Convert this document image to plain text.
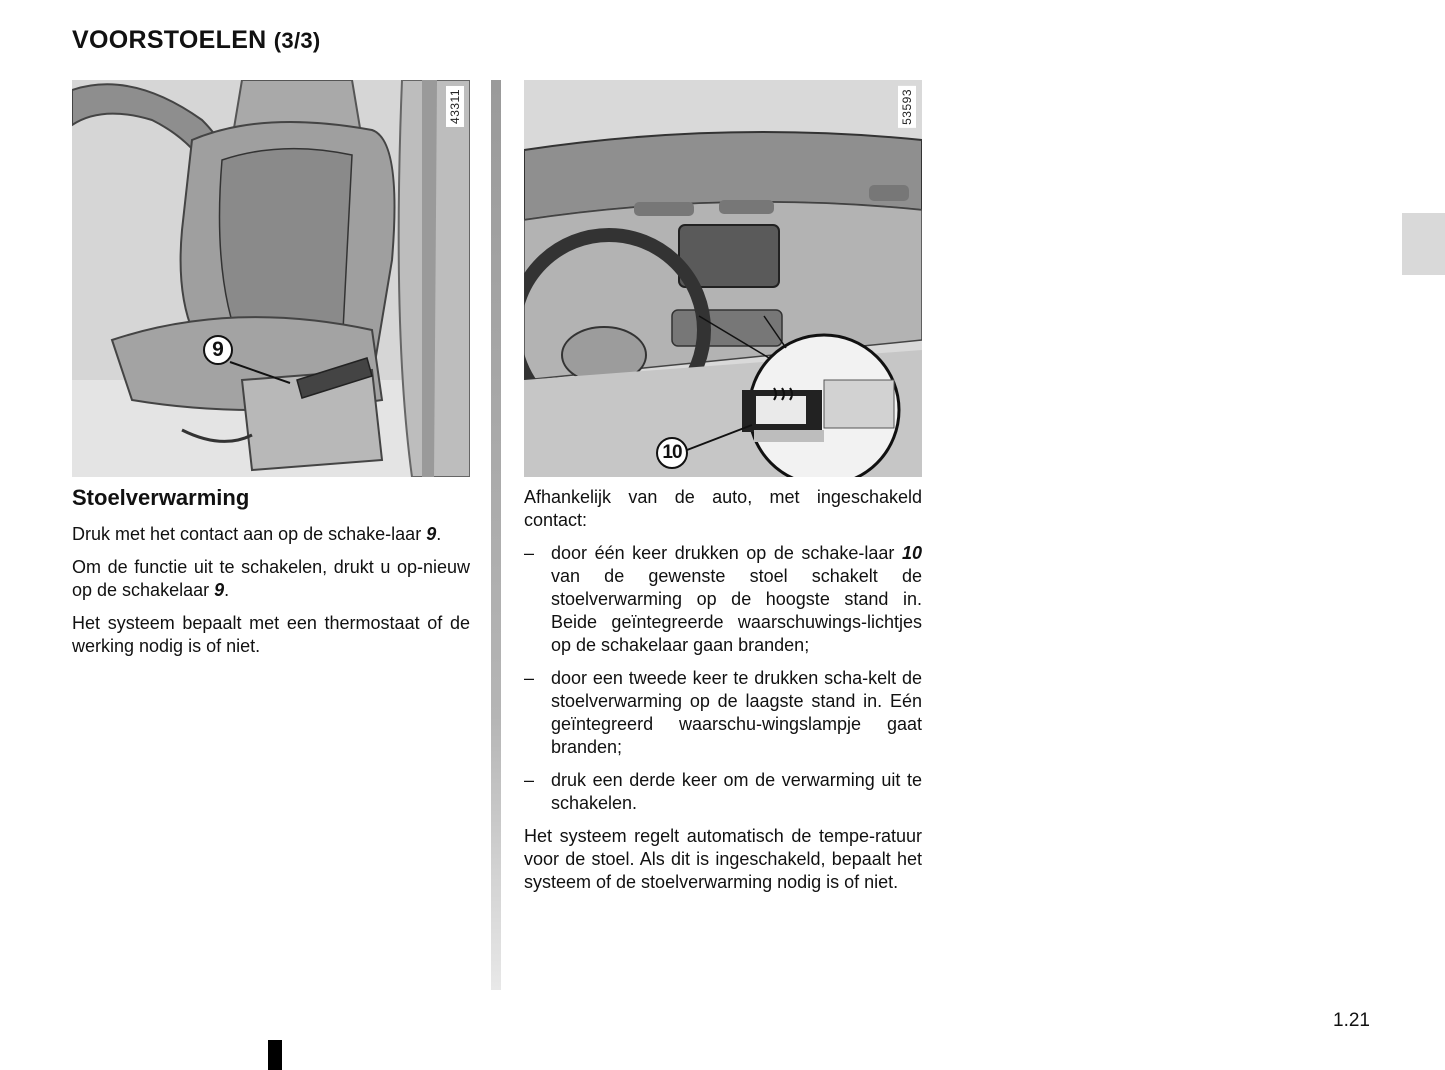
VOORSTOELEN (3/3)
43311
9
53593
10
Stoelverwarming

Druk met het contact aan op de schake-laar 9.

Om de functie uit te schakelen, drukt u op-nieuw op de schakelaar 9.

Het systeem bepaalt met een thermostaat of de werking nodig is of niet.

Afhankelijk van de auto, met ingeschakeld contact:

– door één keer drukken op de schake-laar 10 van de gewenste stoel schakelt de stoelverwarming op de hoogste stand in. Beide geïntegreerde waarschuwings-lichtjes op de schakelaar gaan branden;
– door een tweede keer te drukken scha-kelt de stoelverwarming op de laagste stand in. Eén geïntegreerd waarschu-wingslampje gaat branden;
– druk een derde keer om de verwarming uit te schakelen.

Het systeem regelt automatisch de tempe-ratuur voor de stoel. Als dit is ingeschakeld, bepaalt het systeem of de stoelverwarming nodig is of niet.

1.21
